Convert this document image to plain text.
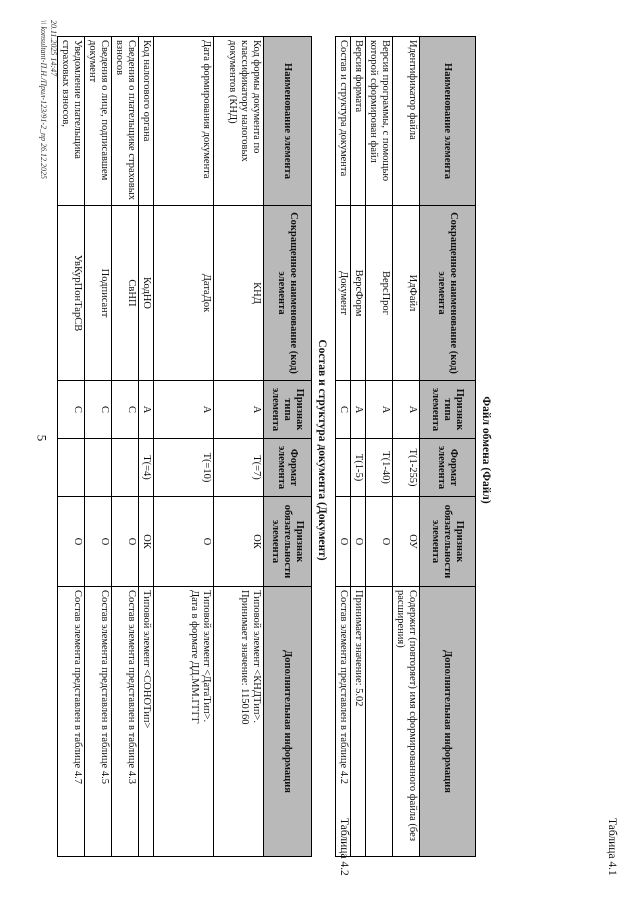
5
Таблица 4.1
Файл обмена (Файл)
Наименование элемента	Сокращенное наименование (код) элемента	Признак типа элемента	Формат элемента	Признак обязательности элемента	Дополнительная информация
Идентификатор файла	ИдФайл	А	Т(1-255)	ОУ	Содержит (повторяет) имя сформированного файла (без расширения)
Версия программы, с помощью которой сформирован файл	ВерсПрог	А	Т(1-40)	О	
Версия формата	ВерсФорм	А	Т(1-5)	О	Принимает значение: 5.02
Состав и структура документа	Документ	С		О	Состав элемента представлен в таблице 4.2
Таблица 4.2
Состав и структура документа (Документ)
Наименование элемента	Сокращенное наименование (код) элемента	Признак типа элемента	Формат элемента	Признак обязательности элемента	Дополнительная информация
Код формы документа по классификатору налоговых документов (КНД)	КНД	А	Т(=7)	ОК	Типовой элемент <КНДТип>.
Принимает значение: 1150160
Дата формирования документа	ДатаДок	А	Т(=10)	О	Типовой элемент <ДатаТип>.
Дата в формате ДД.ММ.ГГГГ
Код налогового органа	КодНО	А	Т(=4)	ОК	Типовой элемент <СОНОТип>
Сведения о плательщике страховых взносов	СвНП	С		О	Состав элемента представлен в таблице 4.3
Сведения о лице, подписавшем документ	Подписант	С		О	Состав элемента представлен в таблице 4.5
Уведомление плательщика страховых взносов,	УвКурПонТарСВ	С		О	Состав элемента представлен в таблице 4.7
20.11.2025 14:47
\\ konsultant-П.Н./Прил-123/91-2_пр 26.12.2025
